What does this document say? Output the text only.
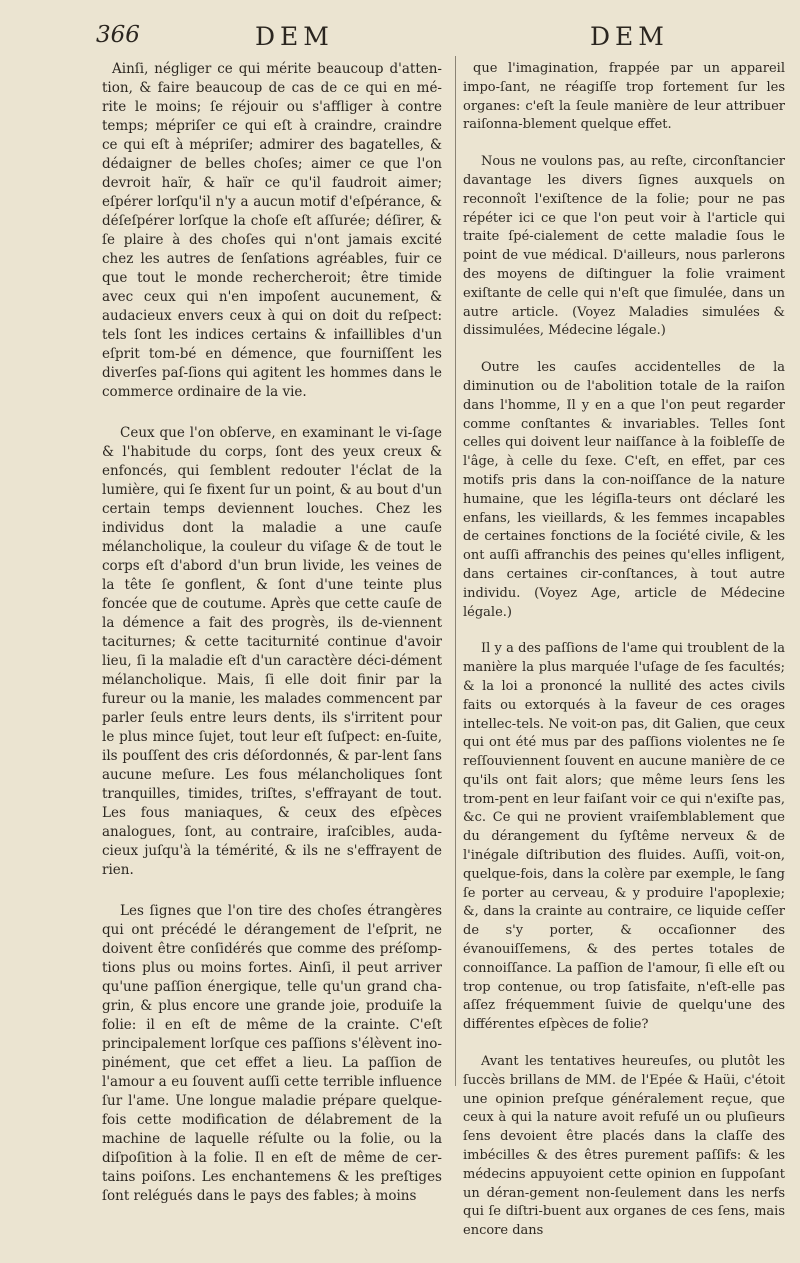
366	DEM	DEM

Ainſi, négliger ce qui mérite beaucoup d'atten-tion, & faire beaucoup de cas de ce qui en mé-rite le moins; ſe réjouir ou s'affliger à contre temps; mépriſer ce qui eſt à craindre, craindre ce qui eſt à mépriſer; admirer des bagatelles, & dédaigner de belles choſes; aimer ce que l'on devroit haïr, & haïr ce qu'il faudroit aimer; eſpérer lorſqu'il n'y a aucun motif d'eſpérance, & déſeſpérer lorſque la choſe eſt aſſurée; déſirer, & ſe plaire à des choſes qui n'ont jamais excité chez les autres de ſenſations agréables, fuir ce que tout le monde rechercheroit; être timide avec ceux qui n'en impoſent aucunement, & audacieux envers ceux à qui on doit du reſpect: tels ſont les indices certains & infaillibles d'un eſprit tom-bé en démence, que fourniſſent les diverſes paſ-ſions qui agitent les hommes dans le commerce ordinaire de la vie.

Ceux que l'on obſerve, en examinant le vi-ſage & l'habitude du corps, ſont des yeux creux & enfoncés, qui ſemblent redouter l'éclat de la lumière, qui ſe fixent ſur un point, & au bout d'un certain temps deviennent louches. Chez les individus dont la maladie a une cauſe mélancholique, la couleur du viſage & de tout le corps eſt d'abord d'un brun livide, les veines de la tête ſe gonflent, & ſont d'une teinte plus foncée que de coutume. Après que cette cauſe de la démence a fait des progrès, ils de-viennent taciturnes; & cette taciturnité continue d'avoir lieu, ſi la maladie eſt d'un caractère déci-dément mélancholique. Mais, ſi elle doit finir par la fureur ou la manie, les malades commencent par parler ſeuls entre leurs dents, ils s'irritent pour le plus mince ſujet, tout leur eſt ſuſpect: en-ſuite, ils pouſſent des cris déſordonnés, & par-lent ſans aucune meſure. Les fous mélancholiques ſont tranquilles, timides, triſtes, s'effrayant de tout. Les fous maniaques, & ceux des eſpèces analogues, ſont, au contraire, iraſcibles, auda-cieux juſqu'à la témérité, & ils ne s'effrayent de rien.

Les ſignes que l'on tire des choſes étrangères qui ont précédé le dérangement de l'eſprit, ne doivent être conſidérés que comme des préſomp-tions plus ou moins fortes. Ainſi, il peut arriver qu'une paſſion énergique, telle qu'un grand cha-grin, & plus encore une grande joie, produiſe la folie: il en eſt de même de la crainte. C'eſt principalement lorſque ces paſſions s'élèvent ino-pinément, que cet effet a lieu. La paſſion de l'amour a eu ſouvent auſſi cette terrible influence ſur l'ame. Une longue maladie prépare quelque-fois cette modification de délabrement de la machine de laquelle réſulte ou la folie, ou la diſpoſition à la folie. Il en eſt de même de cer-tains poiſons. Les enchantemens & les preſtiges ſont relégués dans le pays des fables; à moins

que l'imagination, frappée par un appareil impo-ſant, ne réagiſſe trop fortement ſur les organes: c'eſt la ſeule manière de leur attribuer raiſonna-blement quelque effet.

Nous ne voulons pas, au reſte, circonſtancier davantage les divers ſignes auxquels on reconnoît l'exiſtence de la folie; pour ne pas répéter ici ce que l'on peut voir à l'article qui traite ſpé-cialement de cette maladie ſous le point de vue médical. D'ailleurs, nous parlerons des moyens de diſtinguer la folie vraiment exiſtante de celle qui n'eſt que ſimulée, dans un autre article. (Voyez Maladies simulées & dissimulées, Médecine légale.)

Outre les cauſes accidentelles de la diminution ou de l'abolition totale de la raiſon dans l'homme, Il y en a que l'on peut regarder comme conſtantes & invariables. Telles ſont celles qui doivent leur naiſſance à la foibleſſe de l'âge, à celle du ſexe. C'eſt, en effet, par ces motifs pris dans la con-noiſſance de la nature humaine, que les légiſla-teurs ont déclaré les enfans, les vieillards, & les femmes incapables de certaines fonctions de la ſociété civile, & les ont auſſi affranchis des peines qu'elles infligent, dans certaines cir-conſtances, à tout autre individu. (Voyez Age, article de Médecine légale.)

Il y a des paſſions de l'ame qui troublent de la manière la plus marquée l'uſage de ſes facultés; & la loi a prononcé la nullité des actes civils faits ou extorqués à la faveur de ces orages intellec-tels. Ne voit-on pas, dit Galien, que ceux qui ont été mus par des paſſions violentes ne ſe reſſouviennent ſouvent en aucune manière de ce qu'ils ont fait alors; que même leurs ſens les trom-pent en leur faiſant voir ce qui n'exiſte pas, &c. Ce qui ne provient vraiſemblablement que du dérangement du ſyſtême nerveux & de l'inégale diſtribution des fluides. Auſſi, voit-on, quelque-fois, dans la colère par exemple, le ſang ſe porter au cerveau, & y produire l'apoplexie; &, dans la crainte au contraire, ce liquide ceſſer de s'y porter, & occaſionner des évanouiſſemens, & des pertes totales de connoiſſance. La paſſion de l'amour, ſi elle eſt ou trop contenue, ou trop ſatisfaite, n'eſt-elle pas aſſez fréquemment ſuivie de quelqu'une des différentes eſpèces de folie?

Avant les tentatives heureuſes, ou plutôt les ſuccès brillans de MM. de l'Epée & Haüi, c'étoit une opinion preſque généralement reçue, que ceux à qui la nature avoit refuſé un ou pluſieurs ſens devoient être placés dans la claſſe des imbécilles & des êtres purement paſſifs: & les médecins appuyoient cette opinion en ſuppoſant un déran-gement non-ſeulement dans les nerfs qui ſe diſtri-buent aux organes de ces ſens, mais encore dans
